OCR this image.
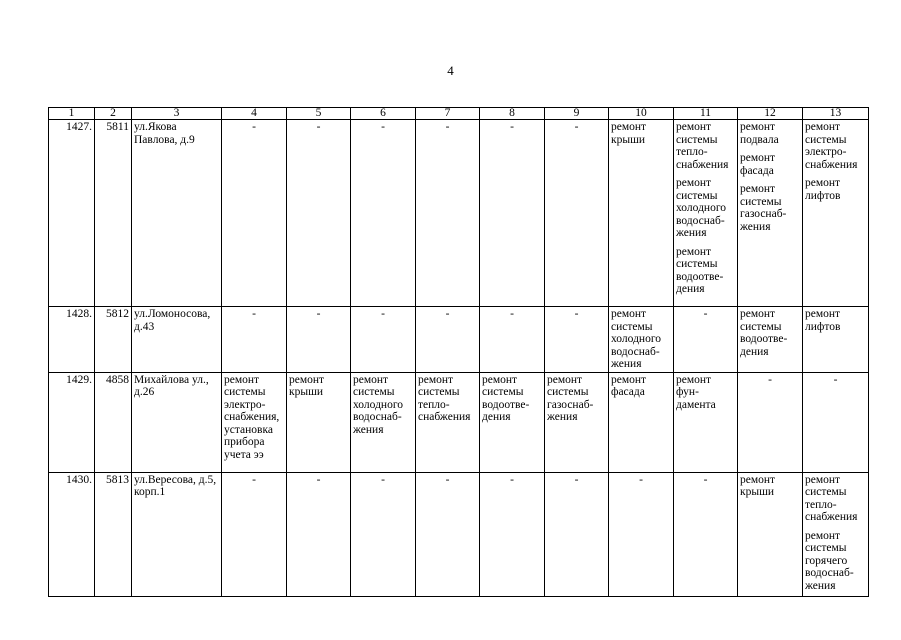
4
1	2	3	4	5	6	7	8	9	10	11	12	13
1427.	5811	ул.Якова Павлова, д.9	-	-	-	-	-	-	ремонт крыши	ремонт системы тепло-снабжения
ремонт системы холодного водоснаб-жения
ремонт системы водоотве-дения	ремонт подвала
ремонт фасада
ремонт системы газоснаб-жения	ремонт системы электро-снабжения
ремонт лифтов

1428.	5812	ул.Ломоносова, д.43	-	-	-	-	-	-	ремонт системы холодного водоснаб-жения	-	ремонт системы водоотве-дения	ремонт лифтов

1429.	4858	Михайлова ул., д.26	ремонт системы электро-снабжения, установка прибора учета ээ	ремонт крыши	ремонт системы холодного водоснаб-жения	ремонт системы тепло-снабжения	ремонт системы водоотве-дения	ремонт системы газоснаб-жения	ремонт фасада	ремонт фун-дамента	-	-
1430.	5813	ул.Вересова, д.5, корп.1	-	-	-	-	-	-	-	-	ремонт крыши	ремонт системы тепло-снабжения
ремонт системы горячего водоснаб-жения
